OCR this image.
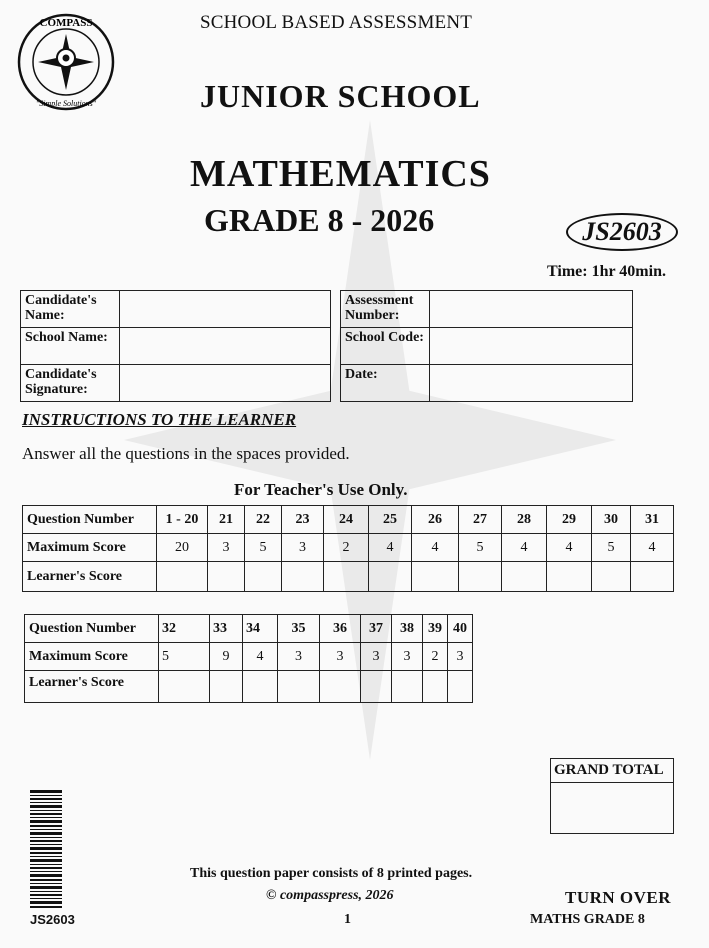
COMPASS
"Simple Solutions"
SCHOOL BASED ASSESSMENT
JUNIOR SCHOOL
MATHEMATICS
GRADE 8 - 2026	JS2603
Time: 1hr 40min.
Candidate's Name:	
School Name:	
Candidate's Signature:	
Assessment Number:	
School Code:	
Date:	
INSTRUCTIONS TO THE LEARNER
Answer all the questions in the spaces provided.
For Teacher's Use Only.
Question Number	1 - 20	21	22	23	24	25	26	27	28	29	30	31
Maximum Score	20	3	5	3	2	4	4	5	4	4	5	4
Learner's Score												
Question Number	32	33	34	35	36	37	38	39	40
Maximum Score	5	9	4	3	3	3	3	2	3
Learner's Score									
GRAND TOTAL
JS2603
This question paper consists of 8 printed pages.
© compasspress, 2026
1
TURN OVER
MATHS GRADE 8
